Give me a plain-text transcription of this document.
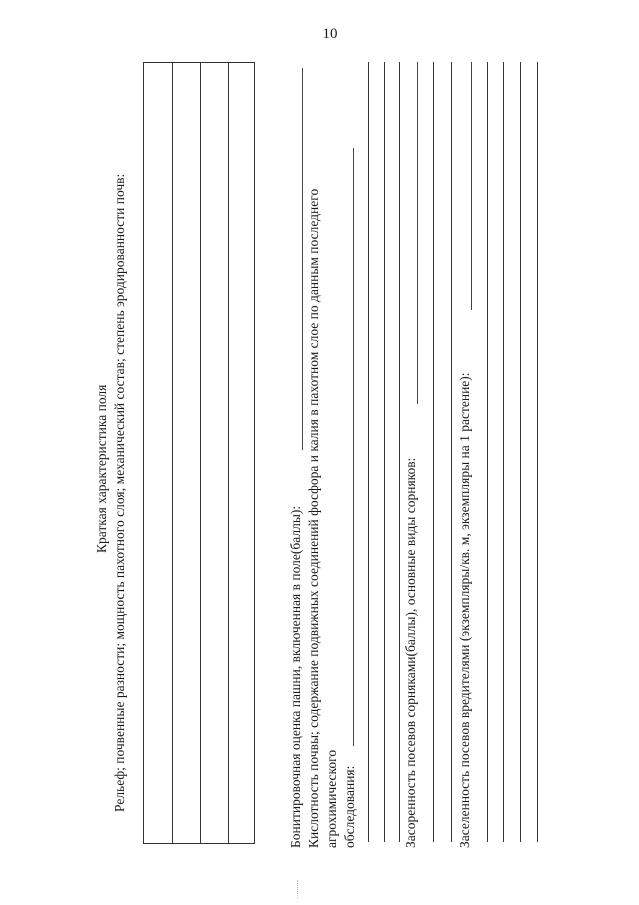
10
Краткая характеристика поля Рельеф; почвенные разности; мощность пахотного слоя; механический состав; степень эродированности почв:	Бонитировочная оценка пашни, включенная в поле(баллы): Кислотность почвы; содержание подвижных соединений фосфора и калия в пахотном слое по данным последнего агрохимического обследования:	Засоренность посевов сорняками(баллы), основные виды сорняков:	Заселенность посевов вредителями (экземпляры/кв. м, экземпляры на 1 растение):
